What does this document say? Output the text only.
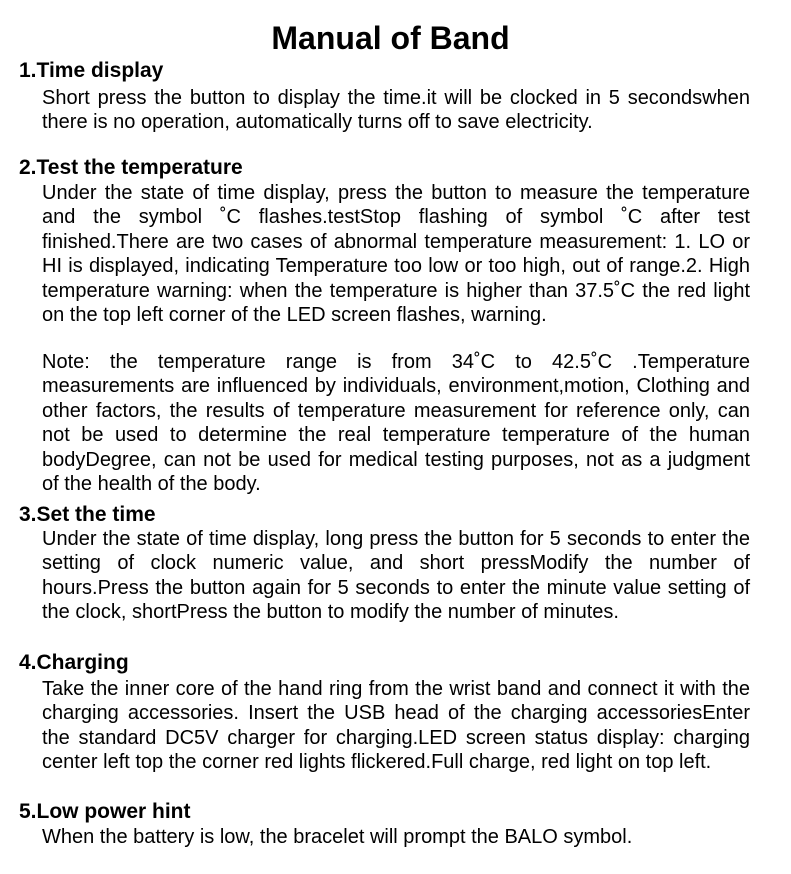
Manual of Band
1.Time display

Short press the button to display the time.it will be clocked in 5 secondswhen there is no operation, automatically turns off to save electricity.

2.Test the temperature

Under the state of time display, press the button to measure the temperature and the symbol ˚C flashes.testStop flashing of symbol ˚C after test finished.There are two cases of abnormal temperature measurement: 1. LO or HI is displayed, indicating Temperature too low or too high, out of range.2. High temperature warning: when the temperature is higher than 37.5˚C the red light on the top left corner of the LED screen flashes, warning.

Note: the temperature range is from 34˚C to 42.5˚C .Temperature measurements are influenced by individuals, environment,motion, Clothing and other factors, the results of temperature measurement for reference only, can not be used to determine the real temperature temperature of the human bodyDegree, can not be used for medical testing purposes, not as a judgment of the health of the body.

3.Set the time

Under the state of time display, long press the button for 5 seconds to enter the setting of clock numeric value, and short pressModify the number of hours.Press the button again for 5 seconds to enter the minute value setting of the clock, shortPress the button to modify the number of minutes.

4.Charging

Take the inner core of the hand ring from the wrist band and connect it with the charging accessories. Insert the USB head of the charging accessoriesEnter the standard DC5V charger for charging.LED screen status display: charging center left top the corner red lights flickered.Full charge, red light on top left.

5.Low power hint

When the battery is low, the bracelet will prompt the BALO symbol.
